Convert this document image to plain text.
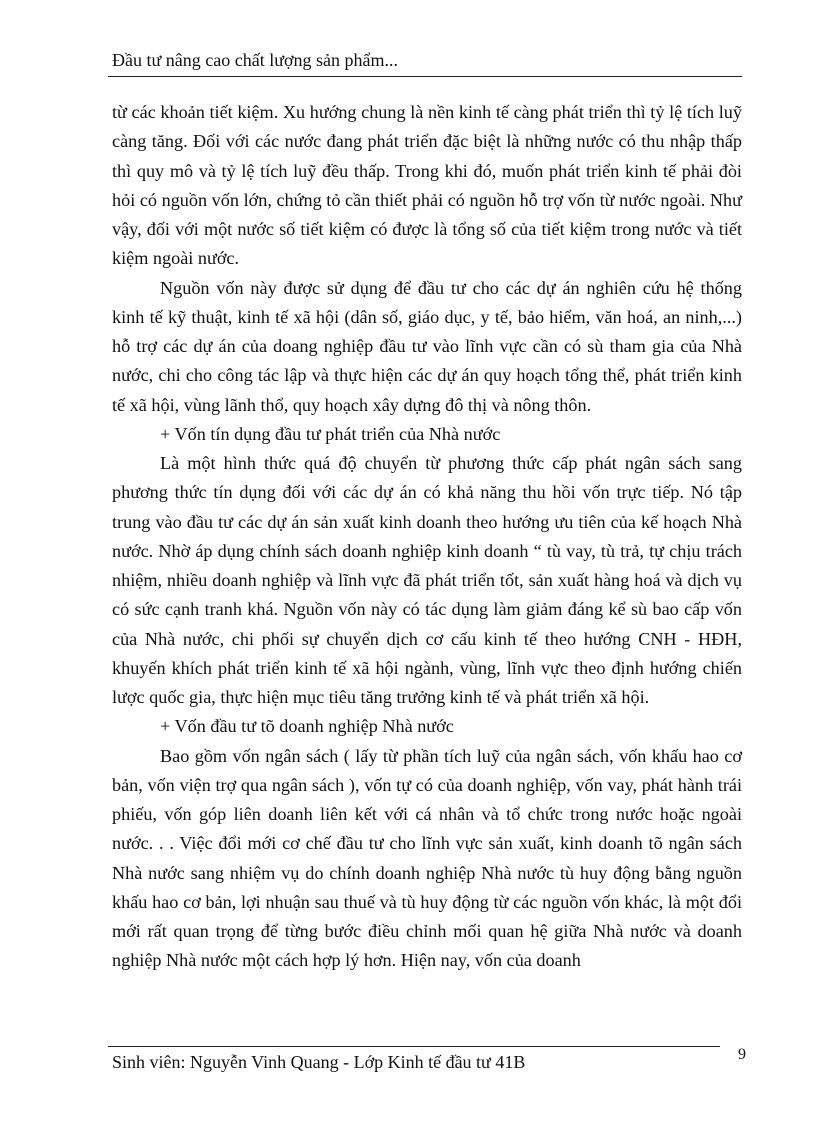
Đầu tư nâng cao chất lượng sản phẩm...

từ các khoản tiết kiệm. Xu hướng chung là nền kinh tế càng phát triển thì tỷ lệ tích luỹ càng tăng. Đối với các nước đang phát triển đặc biệt là những nước có thu nhập thấp thì quy mô và tỷ lệ tích luỹ đều thấp. Trong khi đó, muốn phát triển kinh tế phải đòi hỏi có nguồn vốn lớn, chứng tỏ cần thiết phải có nguồn hỗ trợ vốn từ nước ngoài. Như vậy, đối với một nước số tiết kiệm có được là tổng số của tiết kiệm trong nước và tiết kiệm ngoài nước.

Nguồn vốn này được sử dụng để đầu tư cho các dự án nghiên cứu hệ thống kinh tế kỹ thuật, kinh tế xã hội (dân số, giáo dục, y tế, bảo hiểm, văn hoá, an ninh,...) hỗ trợ các dự án của doang nghiệp đầu tư vào lĩnh vực cần có sù tham gia của Nhà nước, chi cho công tác lập và thực hiện các dự án quy hoạch tổng thể, phát triển kinh tế xã hội, vùng lãnh thổ, quy hoạch xây dựng đô thị và nông thôn.

+ Vốn tín dụng đầu tư phát triển của Nhà nước

Là một hình thức quá độ chuyển từ phương thức cấp phát ngân sách sang phương thức tín dụng đối với các dự án có khả năng thu hồi vốn trực tiếp. Nó tập trung vào đầu tư các dự án sản xuất kinh doanh theo hướng ưu tiên của kế hoạch Nhà nước. Nhờ áp dụng chính sách doanh nghiệp kinh doanh “ tù vay, tù trả, tự chịu trách nhiệm, nhiều doanh nghiệp và lĩnh vực đã phát triển tốt, sản xuất hàng hoá và dịch vụ có sức cạnh tranh khá. Nguồn vốn này có tác dụng làm giảm đáng kể sù bao cấp vốn của Nhà nước, chi phối sự chuyển dịch cơ cấu kinh tế theo hướng CNH - HĐH, khuyến khích phát triển kinh tế xã hội ngành, vùng, lĩnh vực theo định hướng chiến lược quốc gia, thực hiện mục tiêu tăng trưởng kinh tế và phát triển xã hội.

+ Vốn đầu tư tõ doanh nghiệp Nhà nước

Bao gồm vốn ngân sách ( lấy từ phần tích luỹ của ngân sách, vốn khấu hao cơ bản, vốn viện trợ qua ngân sách ), vốn tự có của doanh nghiệp, vốn vay, phát hành trái phiếu, vốn góp liên doanh liên kết với cá nhân và tổ chức trong nước hoặc ngoài nước. . . Việc đổi mới cơ chế đầu tư cho lĩnh vực sản xuất, kinh doanh tõ ngân sách Nhà nước sang nhiệm vụ do chính doanh nghiệp Nhà nước tù huy động bằng nguồn khấu hao cơ bản, lợi nhuận sau thuế và tù huy động từ các nguồn vốn khác, là một đổi mới rất quan trọng để từng bước điều chỉnh mối quan hệ giữa Nhà nước và doanh nghiệp Nhà nước một cách hợp lý hơn. Hiện nay, vốn của doanh

Sinh viên: Nguyễn Vinh Quang - Lớp Kinh tế đầu tư 41B	9
